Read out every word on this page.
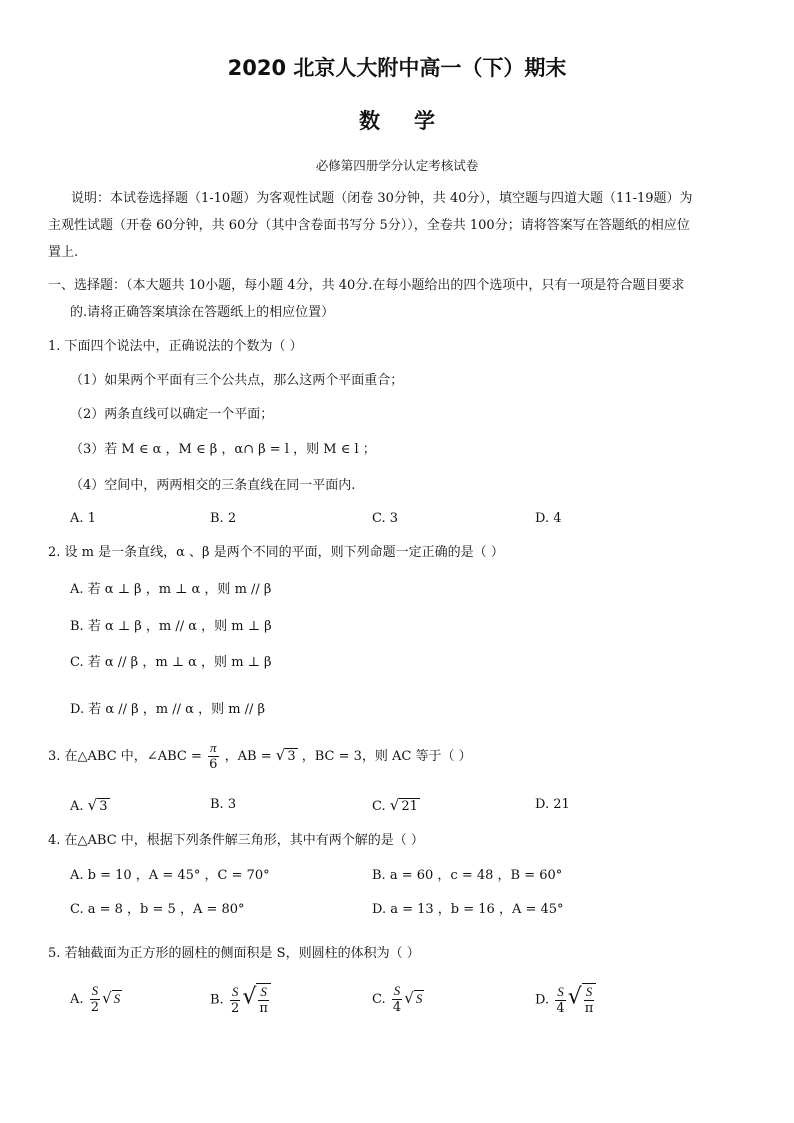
2020 北京人大附中高一（下）期末
数学
必修第四册学分认定考核试卷
说明：本试卷选择题（1-10题）为客观性试题（闭卷 30分钟，共 40分），填空题与四道大题（11-19题）为
主观性试题（开卷 60分钟，共 60分（其中含卷面书写分 5分）），全卷共 100分；请将答案写在答题纸的相应位
置上.
一、选择题：（本大题共 10小题，每小题 4分，共 40分.在每小题给出的四个选项中，只有一项是符合题目要求
的.请将正确答案填涂在答题纸上的相应位置）
1. 下面四个说法中，正确说法的个数为（ ）
（1）如果两个平面有三个公共点，那么这两个平面重合；
（2）两条直线可以确定一个平面；
（3）若 M ∈ α ，M ∈ β ，α∩ β = l ，则 M ∈ l ；
（4）空间中，两两相交的三条直线在同一平面内.
A. 1	B. 2	C. 3	D. 4
2. 设 m 是一条直线，α 、β 是两个不同的平面，则下列命题一定正确的是（ ）
A. 若 α ⊥ β ，m ⊥ α ，则 m // β
B. 若 α ⊥ β ，m // α ，则 m ⊥ β
C. 若 α // β ，m ⊥ α ，则 m ⊥ β
D. 若 α // β ，m // α ，则 m // β
3. 在△ABC 中，∠ABC = $\frac{\pi}{6}$ ，AB = √ 3 ，BC = 3，则 AC 等于（ ）
A. √ 3	B. 3	C. √ 21	D. 21
4. 在△ABC 中，根据下列条件解三角形，其中有两个解的是（ ）
A. b = 10 ，A = 45° ，C = 70°	B. a = 60 ，c = 48 ，B = 60°
C. a = 8 ，b = 5 ，A = 80°	D. a = 13 ，b = 16 ，A = 45°
5. 若轴截面为正方形的圆柱的侧面积是 S，则圆柱的体积为（ ）
A. $\frac{S}{2}$ √ S	B. $\frac{S}{2}$ √ $\frac{S}{\pi}$	C. $\frac{S}{4}$ √ S	D. $\frac{S}{4}$ √ $\frac{S}{\pi}$
